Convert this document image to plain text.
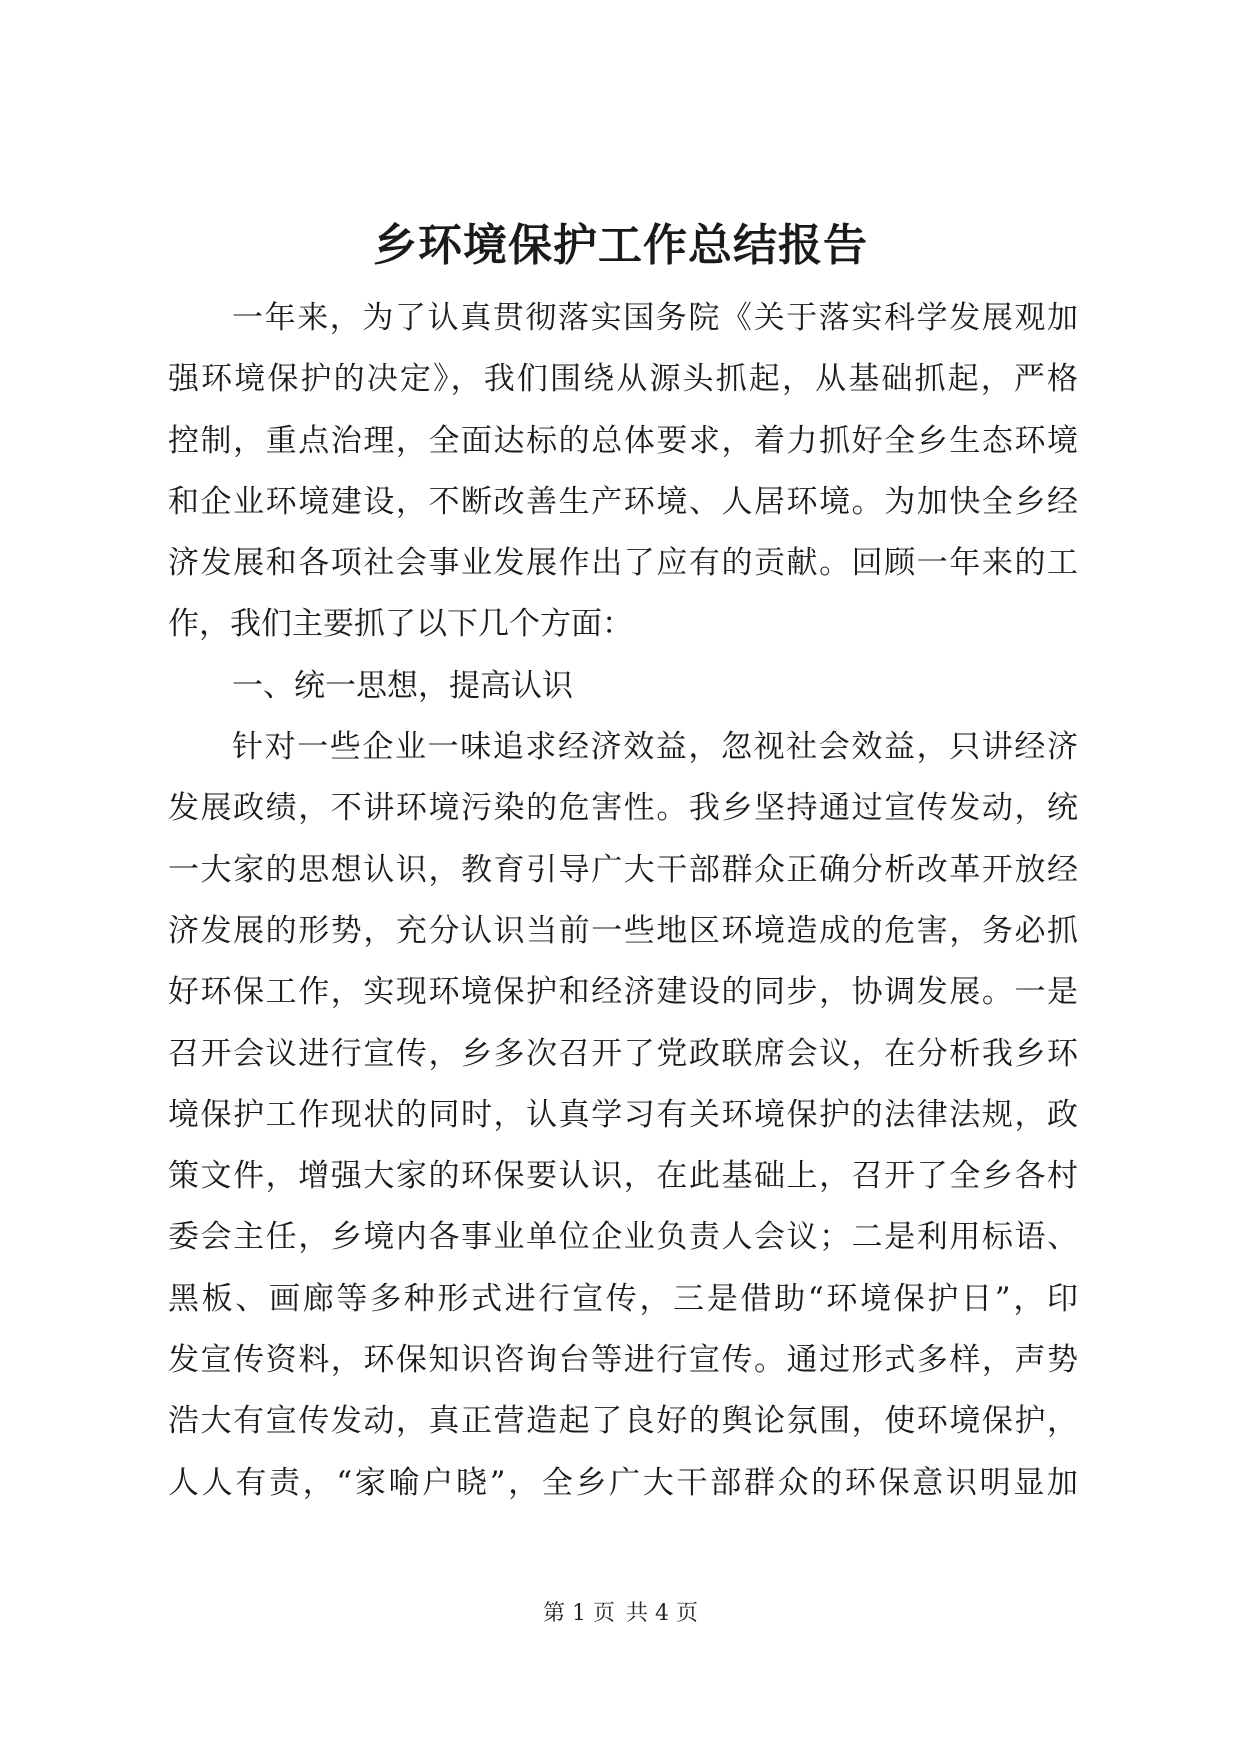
乡环境保护工作总结报告
一年来，为了认真贯彻落实国务院《关于落实科学发展观加
强环境保护的决定》，我们围绕从源头抓起，从基础抓起，严格
控制，重点治理，全面达标的总体要求，着力抓好全乡生态环境
和企业环境建设，不断改善生产环境、人居环境。为加快全乡经
济发展和各项社会事业发展作出了应有的贡献。回顾一年来的工
作，我们主要抓了以下几个方面：
一、统一思想，提高认识
针对一些企业一味追求经济效益，忽视社会效益，只讲经济
发展政绩，不讲环境污染的危害性。我乡坚持通过宣传发动，统
一大家的思想认识，教育引导广大干部群众正确分析改革开放经
济发展的形势，充分认识当前一些地区环境造成的危害，务必抓
好环保工作，实现环境保护和经济建设的同步，协调发展。一是
召开会议进行宣传，乡多次召开了党政联席会议，在分析我乡环
境保护工作现状的同时，认真学习有关环境保护的法律法规，政
策文件，增强大家的环保要认识，在此基础上，召开了全乡各村
委会主任，乡境内各事业单位企业负责人会议；二是利用标语、
黑板、画廊等多种形式进行宣传，三是借助“环境保护日”，印
发宣传资料，环保知识咨询台等进行宣传。通过形式多样，声势
浩大有宣传发动，真正营造起了良好的舆论氛围，使环境保护，
人人有责，“家喻户晓”，全乡广大干部群众的环保意识明显加
第 1 页 共 4 页
